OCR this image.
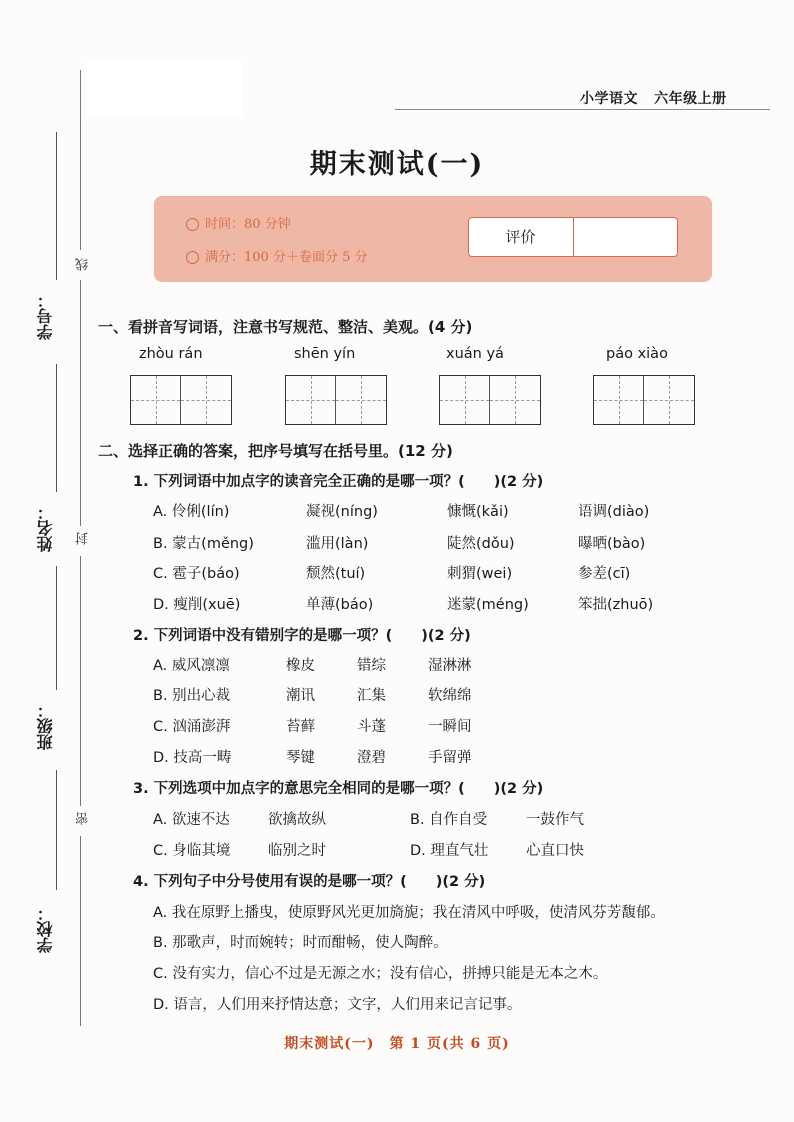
小学语文 六年级上册
期末测试(一)
时间：80 分钟
满分：100 分＋卷面分 5 分
评价
学号：
姓名：
班级：
学校：
线
封
密
一、看拼音写词语，注意书写规范、整洁、美观。(4 分)
zhòu rán	shēn yín	xuán yá	páo xiào
二、选择正确的答案，把序号填写在括号里。(12 分)
1. 下列词语中加点字的读音完全正确的是哪一项？(　　)(2 分)
A. 伶俐(lín)	凝视(níng)	慷慨(kǎi)	语调(diào)
B. 蒙古(měng)	滥用(làn)	陡然(dǒu)	曝晒(bào)
C. 雹子(báo)	颓然(tuí)	刺猬(wei)	参差(cī)
D. 瘦削(xuē)	单薄(báo)	迷蒙(méng)	笨拙(zhuō)
2. 下列词语中没有错别字的是哪一项？(　　)(2 分)
A. 威风凛凛	橡皮	错综	湿淋淋
B. 别出心裁	潮讯	汇集	软绵绵
C. 汹涌澎湃	苔藓	斗蓬	一瞬间
D. 技高一畴	琴键	澄碧	手留弹
3. 下列选项中加点字的意思完全相同的是哪一项？(　　)(2 分)
A. 欲速不达	欲擒故纵	B. 自作自受	一鼓作气
C. 身临其境	临别之时	D. 理直气壮	心直口快
4. 下列句子中分号使用有误的是哪一项？(　　)(2 分)
A. 我在原野上播曳，使原野风光更加旖旎；我在清风中呼吸，使清风芬芳馥郁。
B. 那歌声，时而婉转；时而酣畅，使人陶醉。
C. 没有实力，信心不过是无源之水；没有信心，拼搏只能是无本之木。
D. 语言，人们用来抒情达意；文字，人们用来记言记事。
期末测试(一)　第 1 页(共 6 页)
